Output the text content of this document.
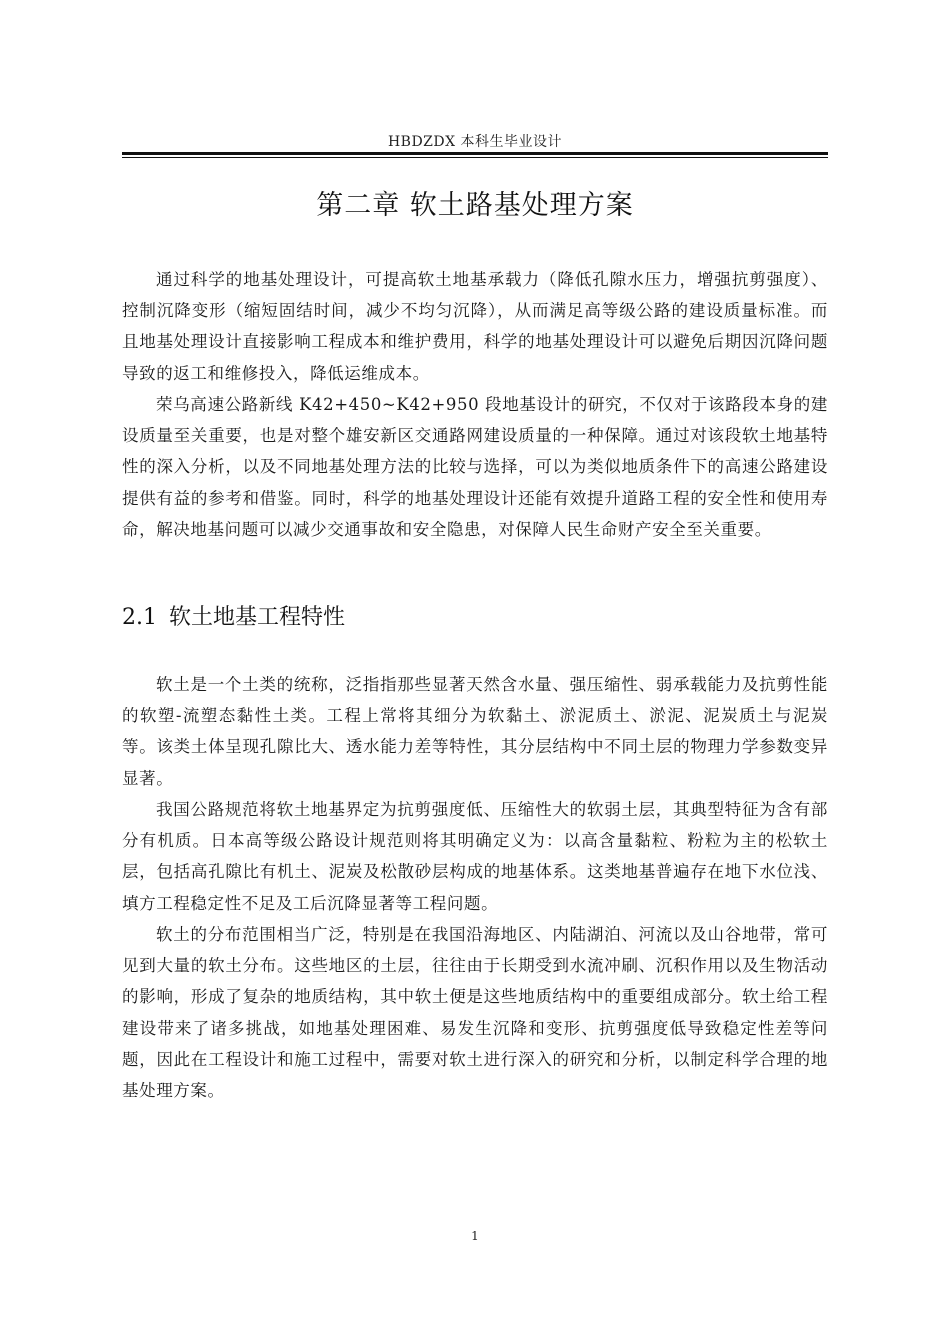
HBDZDX 本科生毕业设计
第二章 软土路基处理方案

通过科学的地基处理设计，可提高软土地基承载力（降低孔隙水压力，增强抗剪强度）、控制沉降变形（缩短固结时间，减少不均匀沉降），从而满足高等级公路的建设质量标准。而且地基处理设计直接影响工程成本和维护费用，科学的地基处理设计可以避免后期因沉降问题导致的返工和维修投入，降低运维成本。

荣乌高速公路新线 K42+450~K42+950 段地基设计的研究，不仅对于该路段本身的建设质量至关重要，也是对整个雄安新区交通路网建设质量的一种保障。通过对该段软土地基特性的深入分析，以及不同地基处理方法的比较与选择，可以为类似地质条件下的高速公路建设提供有益的参考和借鉴。同时，科学的地基处理设计还能有效提升道路工程的安全性和使用寿命，解决地基问题可以减少交通事故和安全隐患，对保障人民生命财产安全至关重要。

2.1 软土地基工程特性

软土是一个土类的统称，泛指指那些显著天然含水量、强压缩性、弱承载能力及抗剪性能的软塑-流塑态黏性土类。工程上常将其细分为软黏土、淤泥质土、淤泥、泥炭质土与泥炭等。该类土体呈现孔隙比大、透水能力差等特性，其分层结构中不同土层的物理力学参数变异显著。

我国公路规范将软土地基界定为抗剪强度低、压缩性大的软弱土层，其典型特征为含有部分有机质。日本高等级公路设计规范则将其明确定义为：以高含量黏粒、粉粒为主的松软土层，包括高孔隙比有机土、泥炭及松散砂层构成的地基体系。这类地基普遍存在地下水位浅、填方工程稳定性不足及工后沉降显著等工程问题。

软土的分布范围相当广泛，特别是在我国沿海地区、内陆湖泊、河流以及山谷地带，常可见到大量的软土分布。这些地区的土层，往往由于长期受到水流冲刷、沉积作用以及生物活动的影响，形成了复杂的地质结构，其中软土便是这些地质结构中的重要组成部分。软土给工程建设带来了诸多挑战，如地基处理困难、易发生沉降和变形、抗剪强度低导致稳定性差等问题，因此在工程设计和施工过程中，需要对软土进行深入的研究和分析，以制定科学合理的地基处理方案。

1
